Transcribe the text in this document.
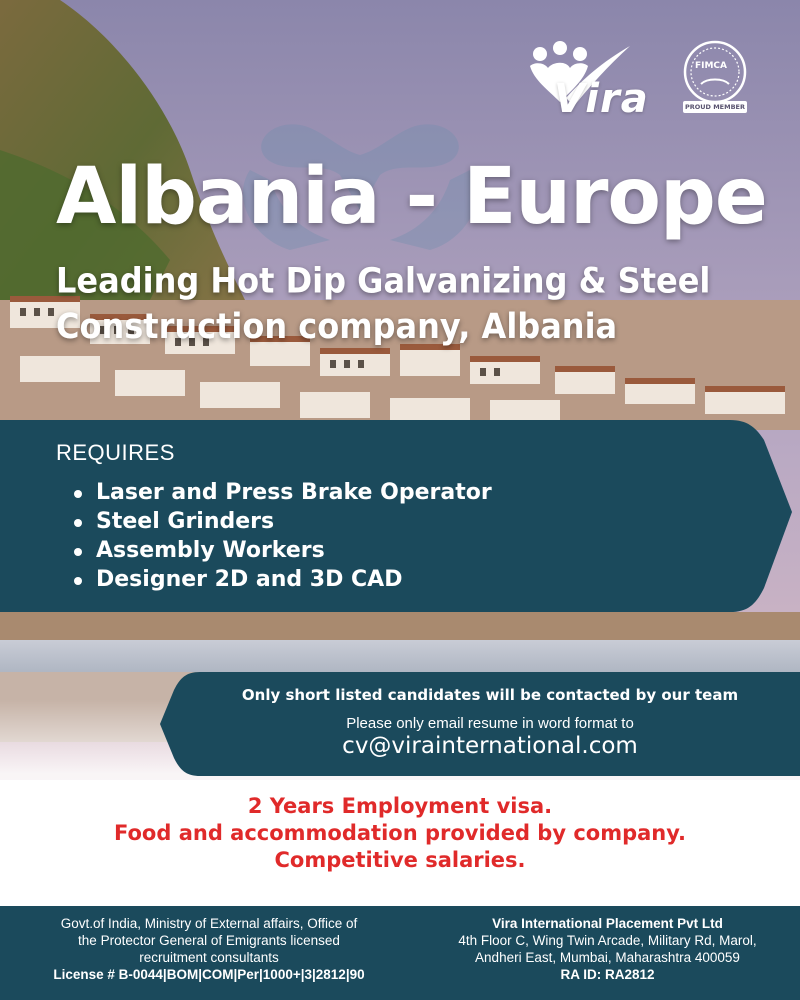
Vira

FIMCA

PROUD MEMBER

Albania - Europe
Leading Hot Dip Galvanizing & Steel
Construction company, Albania

REQUIRES

Laser and Press Brake Operator
Steel Grinders
Assembly Workers
Designer 2D and 3D CAD

Only short listed candidates will be contacted by our team

Please only email resume in word format to

cv@virainternational.com

2 Years Employment visa.

Food and accommodation provided by company.

Competitive salaries.

Govt.of India, Ministry of External affairs, Office of

the Protector General of Emigrants licensed

recruitment consultants

License # B-0044|BOM|COM|Per|1000+|3|2812|90

Vira International Placement Pvt Ltd

4th Floor C, Wing Twin Arcade, Military Rd, Marol,

Andheri East, Mumbai, Maharashtra 400059

RA ID: RA2812
